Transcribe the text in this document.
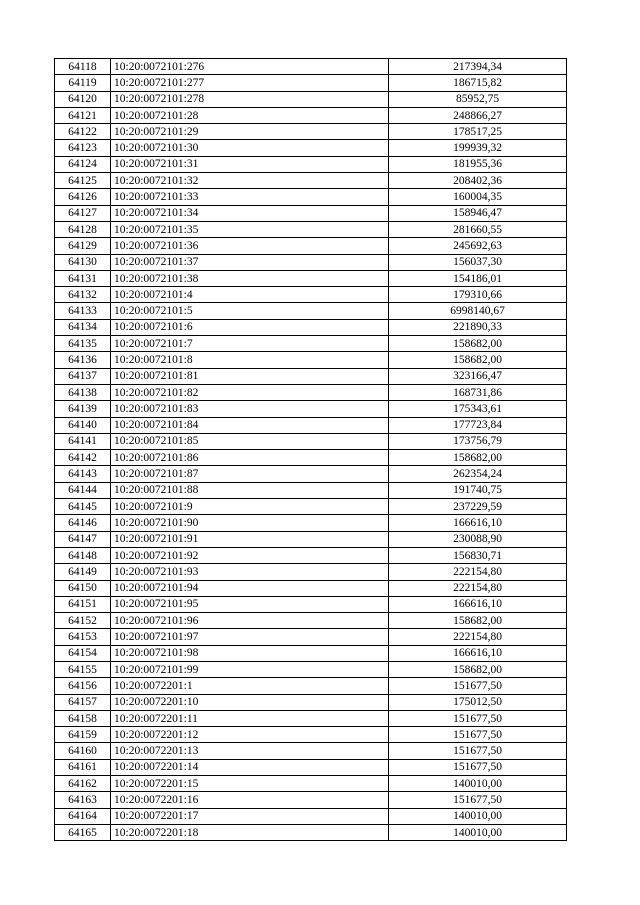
64118	10:20:0072101:276	217394,34
64119	10:20:0072101:277	186715,82
64120	10:20:0072101:278	85952,75
64121	10:20:0072101:28	248866,27
64122	10:20:0072101:29	178517,25
64123	10:20:0072101:30	199939,32
64124	10:20:0072101:31	181955,36
64125	10:20:0072101:32	208402,36
64126	10:20:0072101:33	160004,35
64127	10:20:0072101:34	158946,47
64128	10:20:0072101:35	281660,55
64129	10:20:0072101:36	245692,63
64130	10:20:0072101:37	156037,30
64131	10:20:0072101:38	154186,01
64132	10:20:0072101:4	179310,66
64133	10:20:0072101:5	6998140,67
64134	10:20:0072101:6	221890,33
64135	10:20:0072101:7	158682,00
64136	10:20:0072101:8	158682,00
64137	10:20:0072101:81	323166,47
64138	10:20:0072101:82	168731,86
64139	10:20:0072101:83	175343,61
64140	10:20:0072101:84	177723,84
64141	10:20:0072101:85	173756,79
64142	10:20:0072101:86	158682,00
64143	10:20:0072101:87	262354,24
64144	10:20:0072101:88	191740,75
64145	10:20:0072101:9	237229,59
64146	10:20:0072101:90	166616,10
64147	10:20:0072101:91	230088,90
64148	10:20:0072101:92	156830,71
64149	10:20:0072101:93	222154,80
64150	10:20:0072101:94	222154,80
64151	10:20:0072101:95	166616,10
64152	10:20:0072101:96	158682,00
64153	10:20:0072101:97	222154,80
64154	10:20:0072101:98	166616,10
64155	10:20:0072101:99	158682,00
64156	10:20:0072201:1	151677,50
64157	10:20:0072201:10	175012,50
64158	10:20:0072201:11	151677,50
64159	10:20:0072201:12	151677,50
64160	10:20:0072201:13	151677,50
64161	10:20:0072201:14	151677,50
64162	10:20:0072201:15	140010,00
64163	10:20:0072201:16	151677,50
64164	10:20:0072201:17	140010,00
64165	10:20:0072201:18	140010,00
